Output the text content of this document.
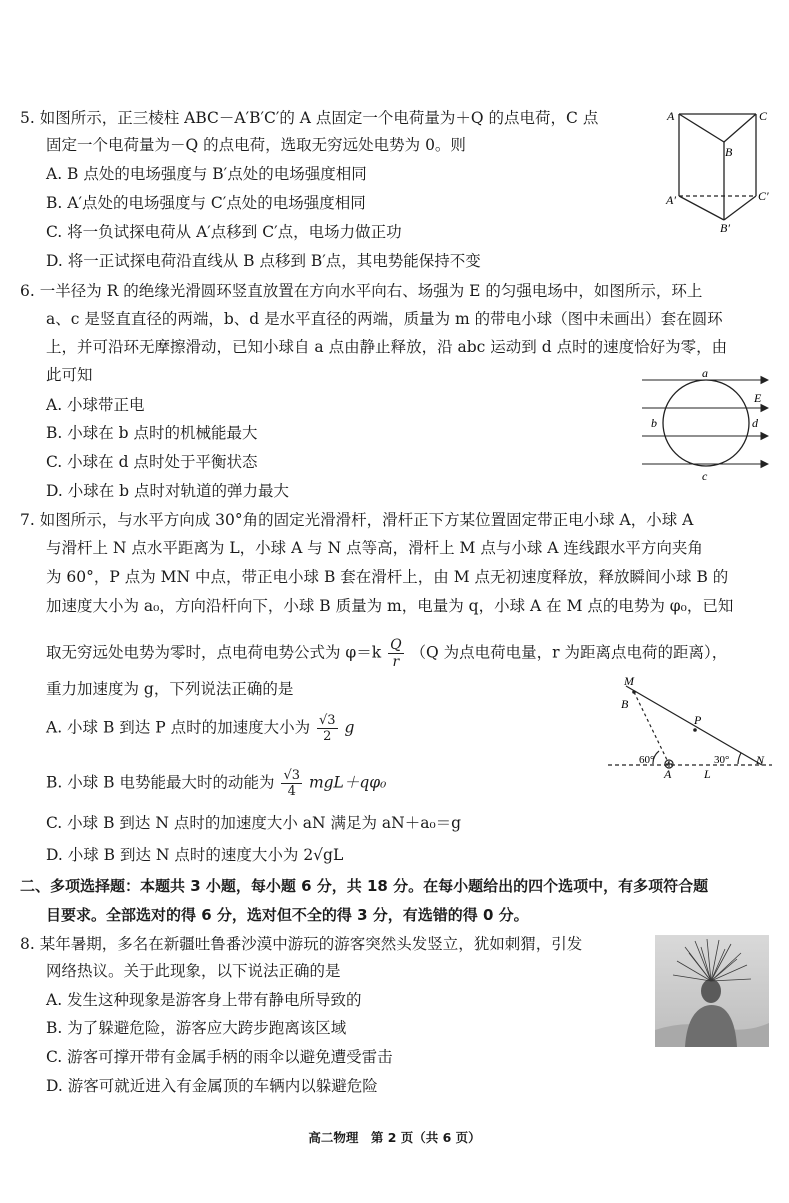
5. 如图所示，正三棱柱 ABC－A′B′C′的 A 点固定一个电荷量为＋Q 的点电荷，C 点
固定一个电荷量为－Q 的点电荷，选取无穷远处电势为 0。则
A. B 点处的电场强度与 B′点处的电场强度相同
B. A′点处的电场强度与 C′点处的电场强度相同
C. 将一负试探电荷从 A′点移到 C′点，电场力做正功
D. 将一正试探电荷沿直线从 B 点移到 B′点，其电势能保持不变
A	C
B
A′	C′
B′
6. 一半径为 R 的绝缘光滑圆环竖直放置在方向水平向右、场强为 E 的匀强电场中，如图所示，环上
a、c 是竖直直径的两端，b、d 是水平直径的两端，质量为 m 的带电小球（图中未画出）套在圆环
上，并可沿环无摩擦滑动，已知小球自 a 点由静止释放，沿 abc 运动到 d 点时的速度恰好为零，由
此可知
A. 小球带正电
B. 小球在 b 点时的机械能最大
C. 小球在 d 点时处于平衡状态
D. 小球在 b 点时对轨道的弹力最大
a
b
c
d
E
7. 如图所示，与水平方向成 30°角的固定光滑滑杆，滑杆正下方某位置固定带正电小球 A，小球 A
与滑杆上 N 点水平距离为 L，小球 A 与 N 点等高，滑杆上 M 点与小球 A 连线跟水平方向夹角
为 60°，P 点为 MN 中点，带正电小球 B 套在滑杆上，由 M 点无初速度释放，释放瞬间小球 B 的
加速度大小为 a₀，方向沿杆向下，小球 B 质量为 m，电量为 q，小球 A 在 M 点的电势为 φ₀，已知
取无穷远处电势为零时，点电荷电势公式为 $\varphi=k \frac{Q}{r} (Q$ 为点电荷电量，r 为距离点电荷的距离），
重力加速度为 g，下列说法正确的是
A. 小球 B 到达 P 点时的加速度大小为 $\frac{√3}{2}$ g
B. 小球 B 电势能最大时的动能为 $\frac{√3}{4} mgL+q\varphi_0$
C. 小球 B 到达 N 点时的加速度大小 aN 满足为 aN＋a₀＝g
D. 小球 B 到达 N 点时的速度大小为 2√gL
M
B
P
A	L
N
60°	30°
二、多项选择题：本题共 3 小题，每小题 6 分，共 18 分。在每小题给出的四个选项中，有多项符合题
目要求。全部选对的得 6 分，选对但不全的得 3 分，有选错的得 0 分。
8. 某年暑期，多名在新疆吐鲁番沙漠中游玩的游客突然头发竖立，犹如刺猬，引发
网络热议。关于此现象，以下说法正确的是
A. 发生这种现象是游客身上带有静电所导致的
B. 为了躲避危险，游客应大跨步跑离该区域
C. 游客可撑开带有金属手柄的雨伞以避免遭受雷击
D. 游客可就近进入有金属顶的车辆内以躲避危险
高二物理　第 2 页（共 6 页）
